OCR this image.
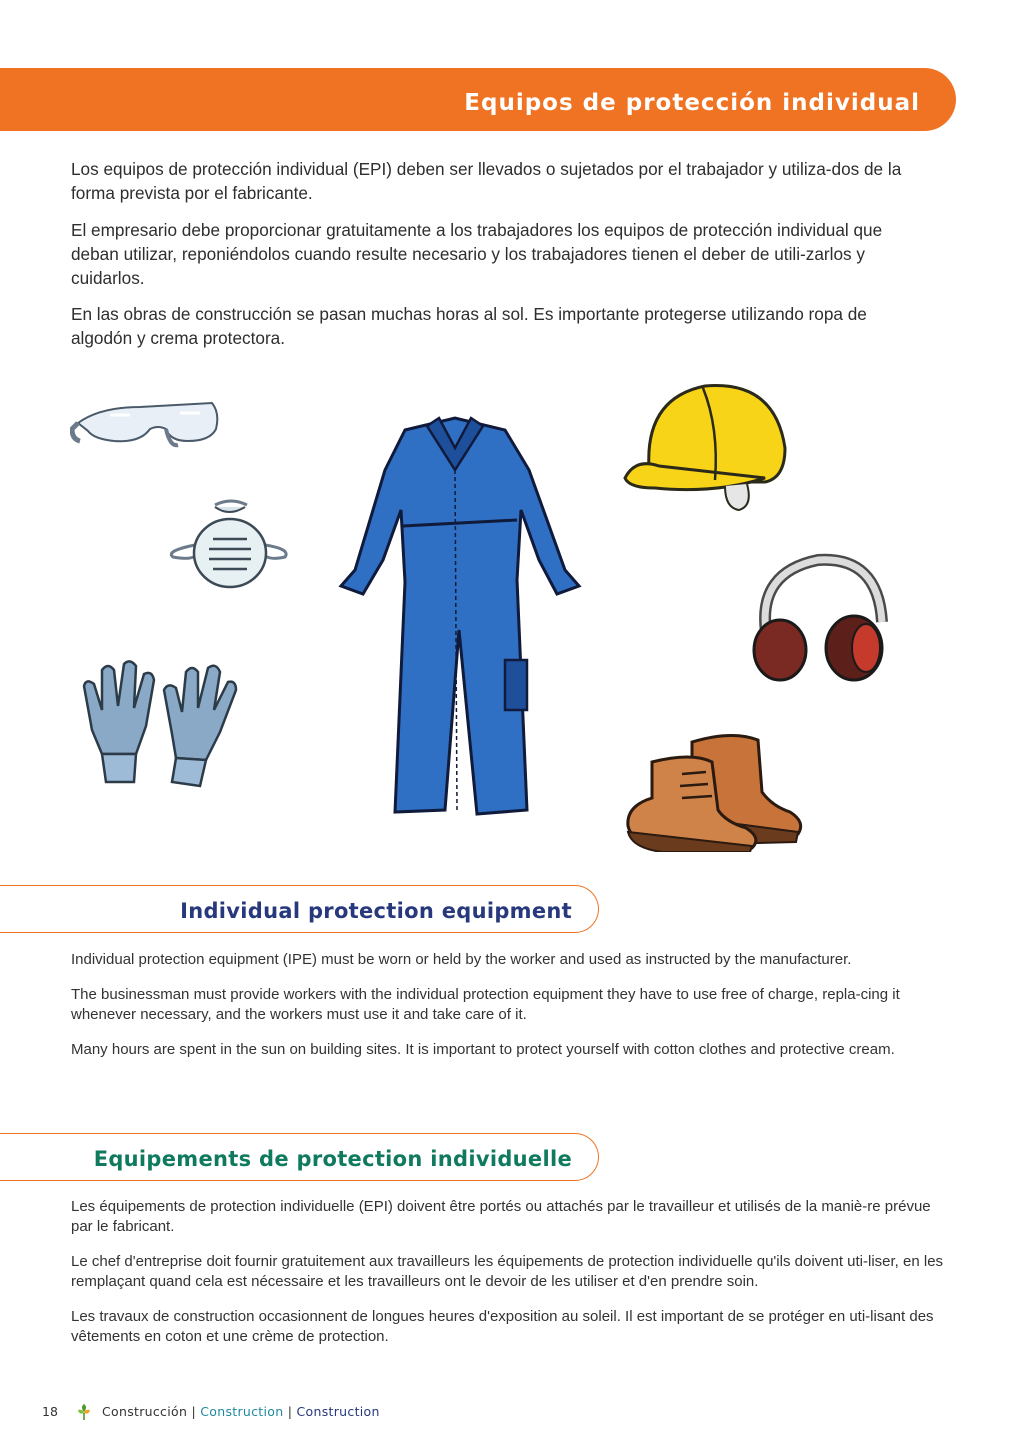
Equipos de protección individual

Los equipos de protección individual (EPI) deben ser llevados o sujetados por el trabajador y utiliza-dos de la forma prevista por el fabricante.

El empresario debe proporcionar gratuitamente a los trabajadores los equipos de protección individual que deban utilizar, reponiéndolos cuando resulte necesario y los trabajadores tienen el deber de utili-zarlos y cuidarlos.

En las obras de construcción se pasan muchas horas al sol. Es importante protegerse utilizando ropa de algodón y crema protectora.

Individual protection equipment

Individual protection equipment (IPE) must be worn or held by the worker and used as instructed by the manufacturer.

The businessman must provide workers with the individual protection equipment they have to use free of charge, repla-cing it whenever necessary, and the workers must use it and take care of it.

Many hours are spent in the sun on building sites. It is important to protect yourself with cotton clothes and protective cream.

Equipements de protection individuelle

Les équipements de protection individuelle (EPI) doivent être portés ou attachés par le travailleur et utilisés de la maniè-re prévue par le fabricant.

Le chef d'entreprise doit fournir gratuitement aux travailleurs les équipements de protection individuelle qu'ils doivent uti-liser, en les remplaçant quand cela est nécessaire et les travailleurs ont le devoir de les utiliser et d'en prendre soin.

Les travaux de construction occasionnent de longues heures d'exposition au soleil. Il est important de se protéger en uti-lisant des vêtements en coton et une crème de protection.

18	Construcción | Construction | Construction
